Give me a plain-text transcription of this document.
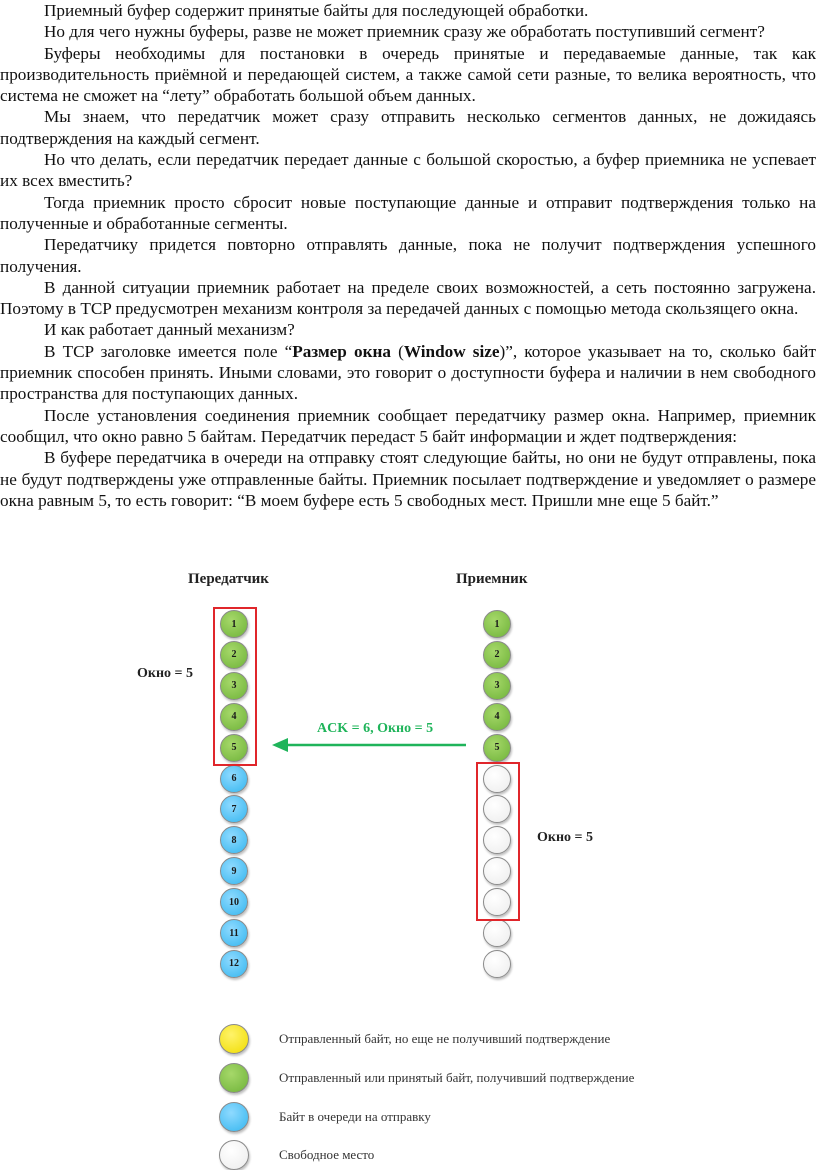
Приемный буфер содержит принятые байты для последующей обработки.

Но для чего нужны буферы, разве не может приемник сразу же обработать поступивший сегмент?

Буферы необходимы для постановки в очередь принятые и передаваемые данные, так как производительность приёмной и передающей систем, а также самой сети разные, то велика вероятность, что система не сможет на “лету” обработать большой объем данных.

Мы знаем, что передатчик может сразу отправить несколько сегментов данных, не дожидаясь подтверждения на каждый сегмент.

Но что делать, если передатчик передает данные с большой скоростью, а буфер приемника не успевает их всех вместить?

Тогда приемник просто сбросит новые поступающие данные и отправит подтверждения только на полученные и обработанные сегменты.

Передатчику придется повторно отправлять данные, пока не получит подтверждения успешного получения.

В данной ситуации приемник работает на пределе своих возможностей, а сеть постоянно загружена. Поэтому в TCP предусмотрен механизм контроля за передачей данных с помощью метода скользящего окна.

И как работает данный механизм?

В TCP заголовке имеется поле “Размер окна (Window size)”, которое указывает на то, сколько байт приемник способен принять. Иными словами, это говорит о доступности буфера и наличии в нем свободного пространства для поступающих данных.

После установления соединения приемник сообщает передатчику размер окна. Например, приемник сообщил, что окно равно 5 байтам. Передатчик передаст 5 байт информации и ждет подтверждения:

В буфере передатчика в очереди на отправку стоят следующие байты, но они не будут отправлены, пока не будут подтверждены уже отправленные байты. Приемник посылает подтверждение и уведомляет о размере окна равным 5, то есть говорит: “В моем буфере есть 5 свободных мест. Пришли мне еще 5 байт.”

Передатчик	Приемник
1
2
3
4
5
6
7
8
9
10
11
12
1
2
3
4
5
Окно = 5
Окно = 5
ACK = 6, Окно = 5
Отправленный байт, но еще не получивший подтверждение
Отправленный или принятый байт, получивший подтверждение
Байт в очереди на отправку
Свободное место
